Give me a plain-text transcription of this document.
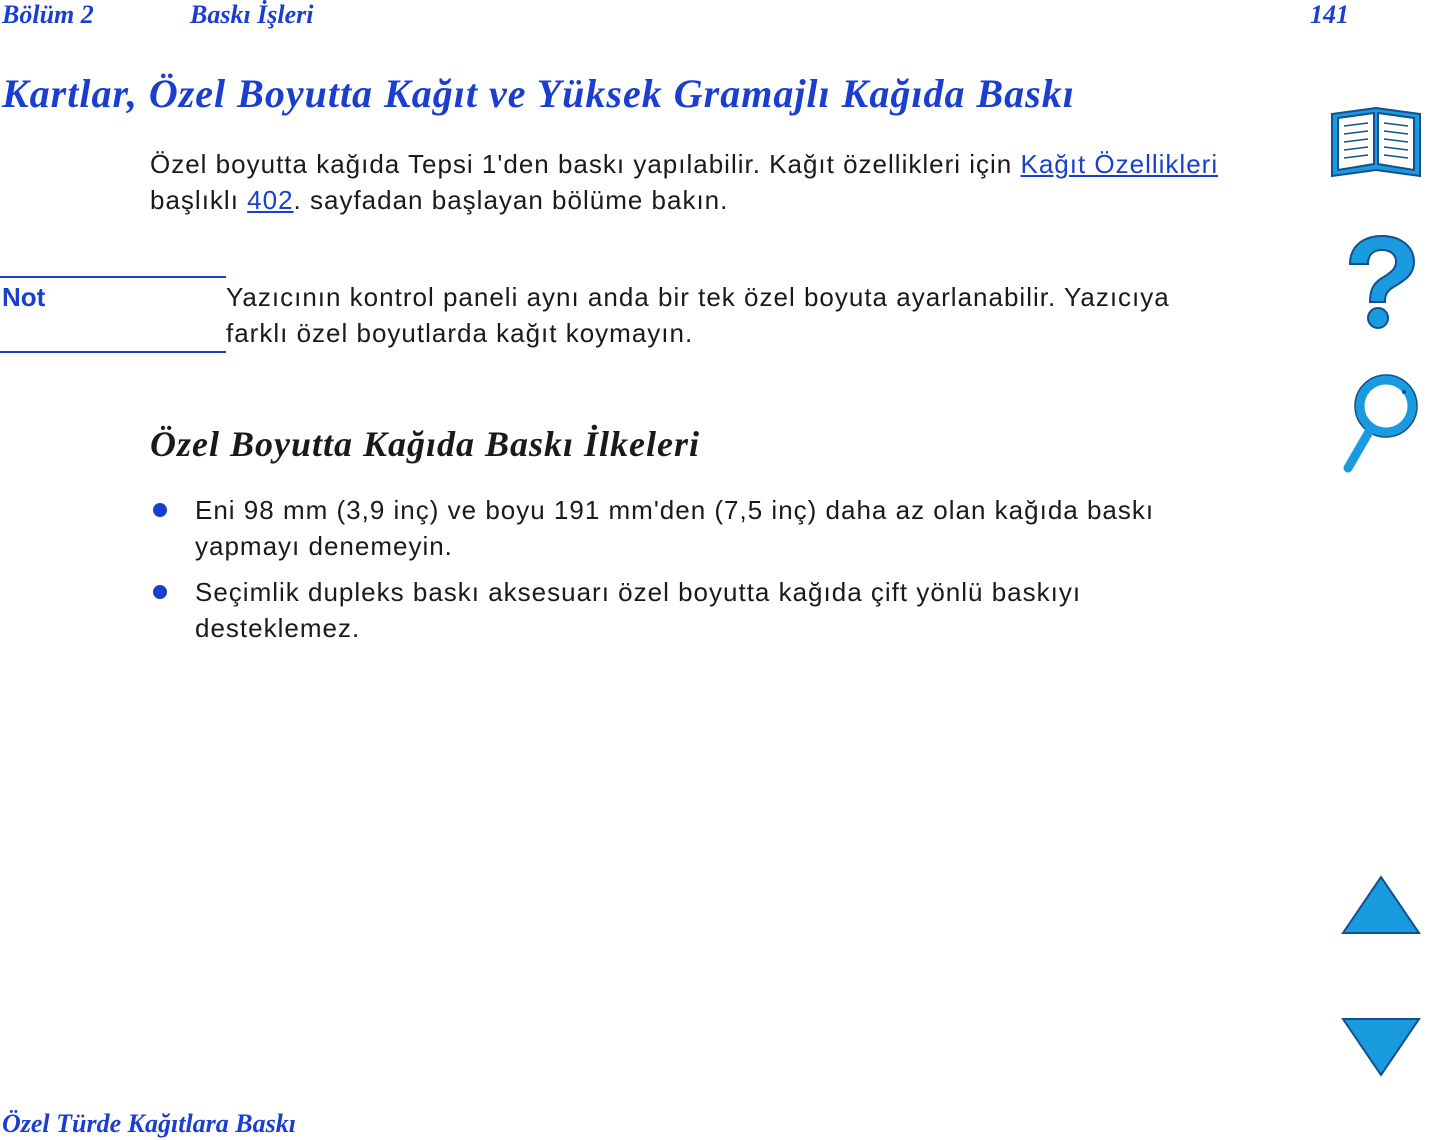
Bölüm 2	Baskı İşleri	141
Kartlar, Özel Boyutta Kağıt ve Yüksek Gramajlı Kağıda Baskı

Özel boyutta kağıda Tepsi 1'den baskı yapılabilir. Kağıt özellikleri için Kağıt Özellikleri başlıklı 402. sayfadan başlayan bölüme bakın.

Not	Yazıcının kontrol paneli aynı anda bir tek özel boyuta ayarlanabilir. Yazıcıya farklı özel boyutlarda kağıt koymayın.

Özel Boyutta Kağıda Baskı İlkeleri
Eni 98 mm (3,9 inç) ve boyu 191 mm'den (7,5 inç) daha az olan kağıda baskı yapmayı denemeyin.
Seçimlik dupleks baskı aksesuarı özel boyutta kağıda çift yönlü baskıyı desteklemez.
Özel Türde Kağıtlara Baskı
